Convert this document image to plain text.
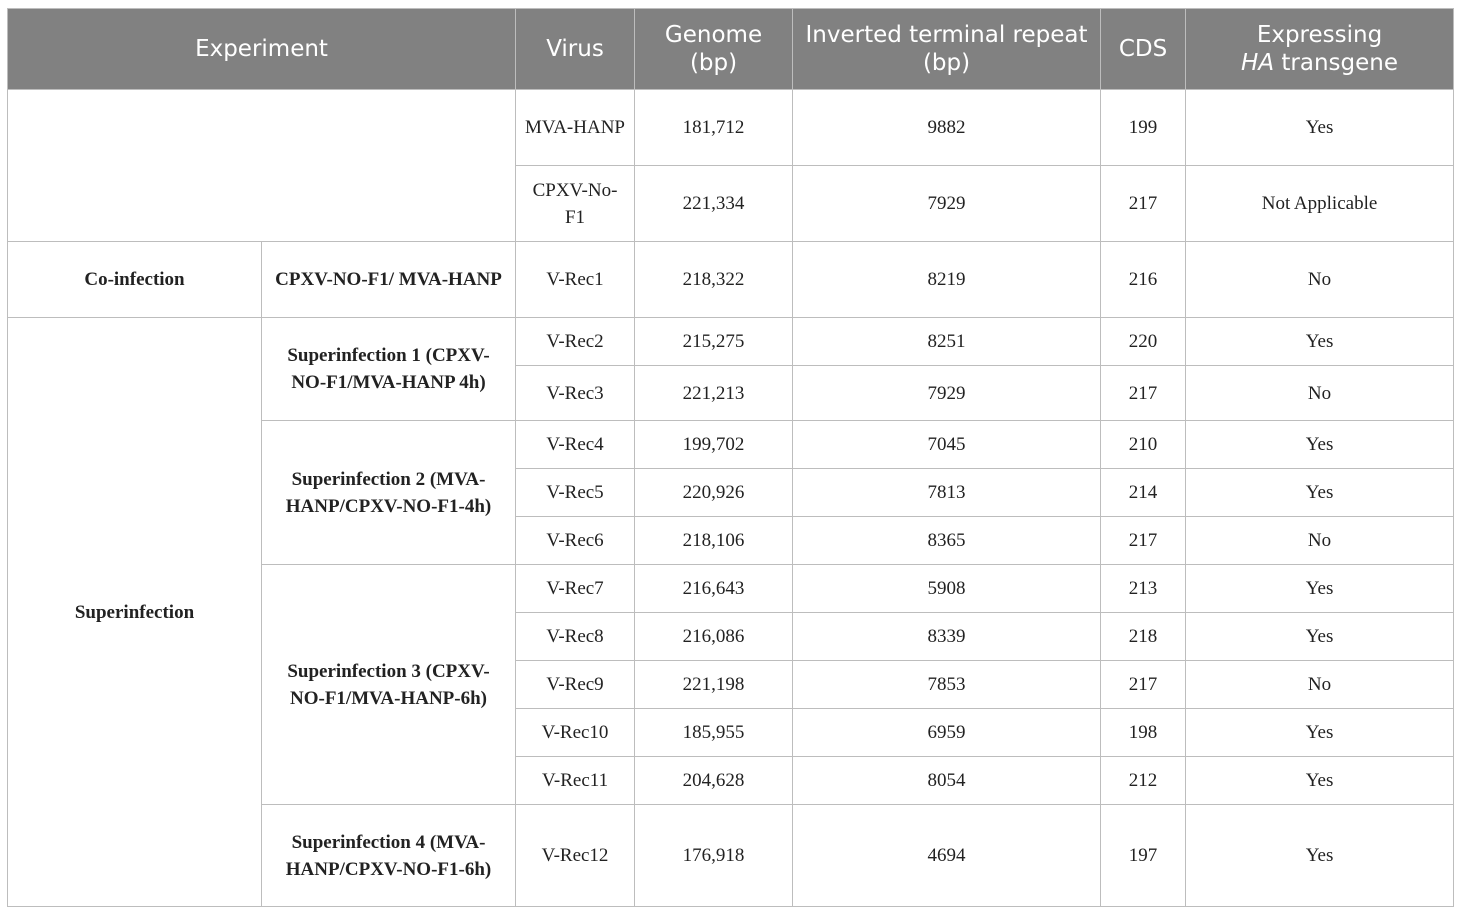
Experiment		Virus	Genome (bp)	Inverted terminal repeat (bp)	CDS	Expressing
HA transgene
		MVA-HANP	181,712	9882	199	Yes
		CPXV-No-F1	221,334	7929	217	Not Applicable
Co-infection	CPXV-NO-F1/ MVA-HANP	V-Rec1	218,322	8219	216	No
Superinfection	Superinfection 1 (CPXV-NO-F1/MVA-HANP 4h)	V-Rec2	215,275	8251	220	Yes
		V-Rec3	221,213	7929	217	No
	Superinfection 2 (MVA-HANP/CPXV-NO-F1-4h)	V-Rec4	199,702	7045	210	Yes
		V-Rec5	220,926	7813	214	Yes
		V-Rec6	218,106	8365	217	No
	Superinfection 3 (CPXV-NO-F1/MVA-HANP-6h)	V-Rec7	216,643	5908	213	Yes
		V-Rec8	216,086	8339	218	Yes
		V-Rec9	221,198	7853	217	No
		V-Rec10	185,955	6959	198	Yes
		V-Rec11	204,628	8054	212	Yes
	Superinfection 4 (MVA-HANP/CPXV-NO-F1-6h)	V-Rec12	176,918	4694	197	Yes
